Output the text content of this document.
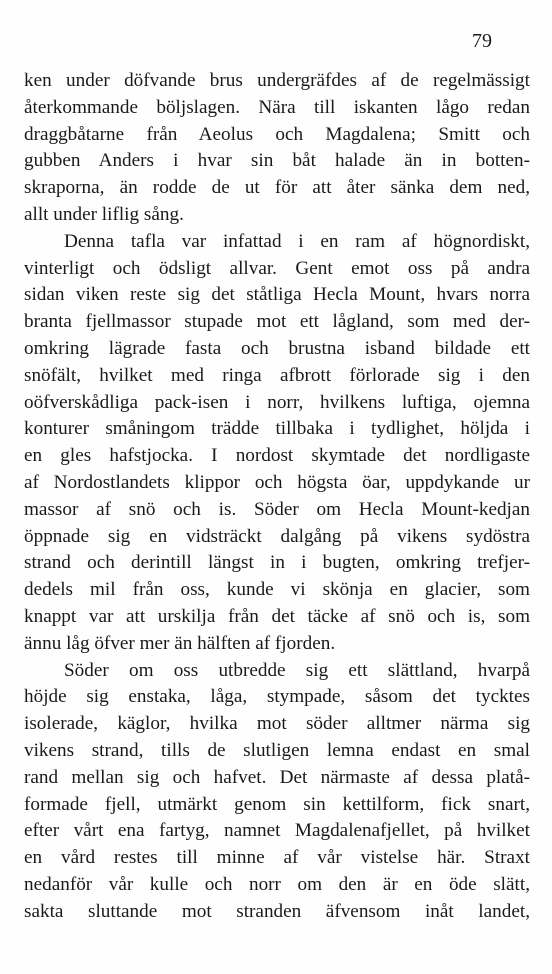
79
ken under döfvande brus undergräfdes af de regelmässigt
återkommande böljslagen. Nära till iskanten lågo redan
draggbåtarne från Aeolus och Magdalena; Smitt och
gubben Anders i hvar sin båt halade än in botten-
skraporna, än rodde de ut för att åter sänka dem ned,
allt under liflig sång.
Denna tafla var infattad i en ram af högnordiskt,
vinterligt och ödsligt allvar. Gent emot oss på andra
sidan viken reste sig det ståtliga Hecla Mount, hvars norra
branta fjellmassor stupade mot ett lågland, som med der-
omkring lägrade fasta och brustna isband bildade ett
snöfält, hvilket med ringa afbrott förlorade sig i den
oöfverskådliga pack-isen i norr, hvilkens luftiga, ojemna
konturer småningom trädde tillbaka i tydlighet, höljda i
en gles hafstjocka. I nordost skymtade det nordligaste
af Nordostlandets klippor och högsta öar, uppdykande ur
massor af snö och is. Söder om Hecla Mount-kedjan
öppnade sig en vidsträckt dalgång på vikens sydöstra
strand och derintill längst in i bugten, omkring trefjer-
dedels mil från oss, kunde vi skönja en glacier, som
knappt var att urskilja från det täcke af snö och is, som
ännu låg öfver mer än hälften af fjorden.
Söder om oss utbredde sig ett slättland, hvarpå
höjde sig enstaka, låga, stympade, såsom det tycktes
isolerade, käglor, hvilka mot söder alltmer närma sig
vikens strand, tills de slutligen lemna endast en smal
rand mellan sig och hafvet. Det närmaste af dessa platå-
formade fjell, utmärkt genom sin kettilform, fick snart,
efter vårt ena fartyg, namnet Magdalenafjellet, på hvilket
en vård restes till minne af vår vistelse här. Straxt
nedanför vår kulle och norr om den är en öde slätt,
sakta sluttande mot stranden äfvensom inåt landet,
